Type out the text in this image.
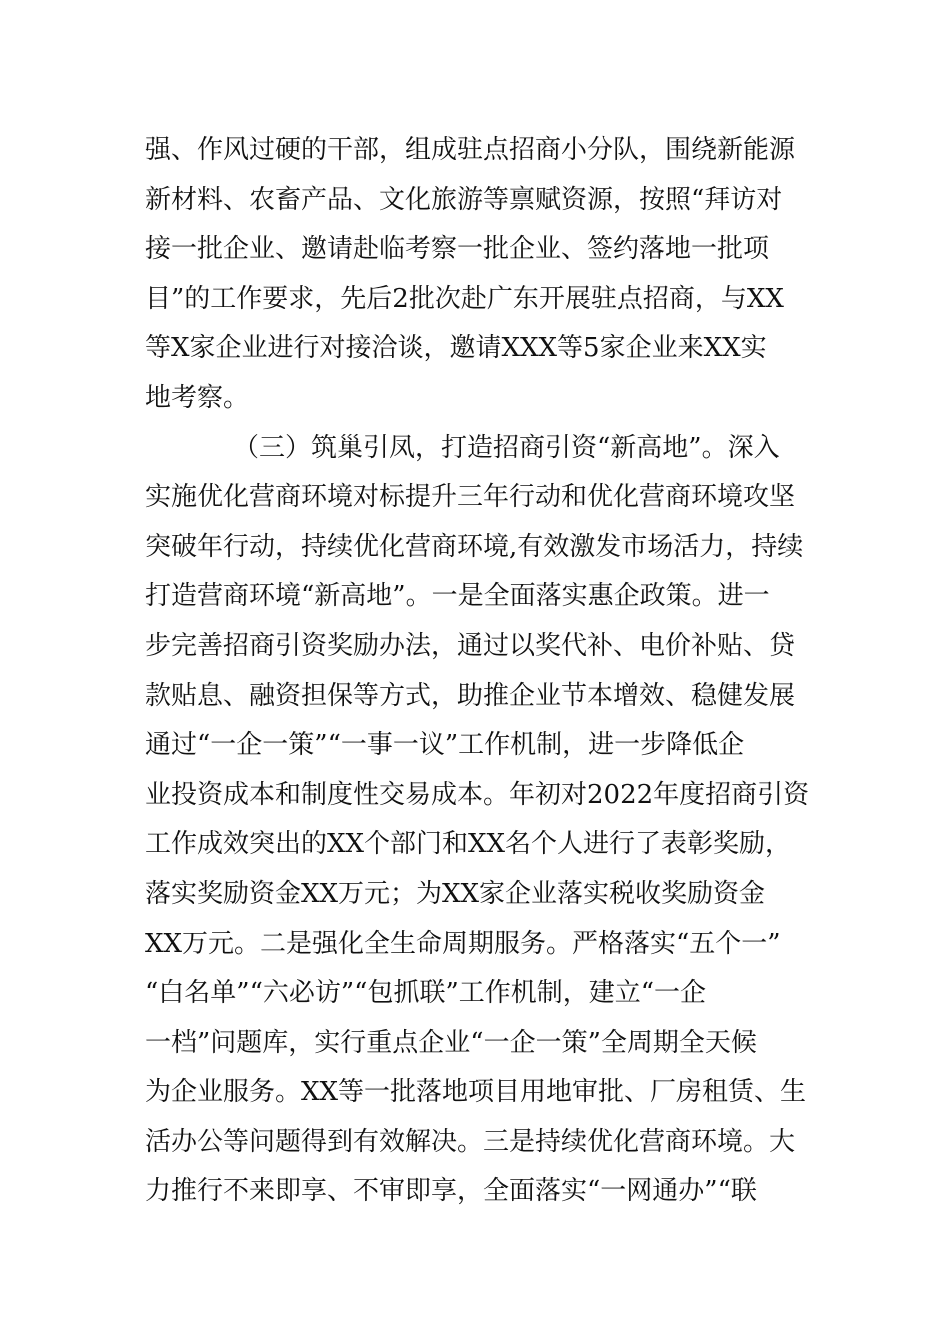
强、作风过硬的干部，组成驻点招商小分队，围绕新能源
新材料、农畜产品、文化旅游等禀赋资源，按照“拜访对
接一批企业、邀请赴临考察一批企业、签约落地一批项
目”的工作要求，先后2批次赴广东开展驻点招商，与XX
等X家企业进行对接洽谈，邀请XXX等5家企业来XX实
地考察。
（三）筑巢引凤，打造招商引资“新高地”。深入
实施优化营商环境对标提升三年行动和优化营商环境攻坚
突破年行动，持续优化营商环境,有效激发市场活力，持续
打造营商环境“新高地”。一是全面落实惠企政策。进一
步完善招商引资奖励办法，通过以奖代补、电价补贴、贷
款贴息、融资担保等方式，助推企业节本增效、稳健发展
通过“一企一策”“一事一议”工作机制，进一步降低企
业投资成本和制度性交易成本。年初对2022年度招商引资
工作成效突出的XX个部门和XX名个人进行了表彰奖励，
落实奖励资金XX万元；为XX家企业落实税收奖励资金
XX万元。二是强化全生命周期服务。严格落实“五个一”
“白名单”“六必访”“包抓联”工作机制，建立“一企
一档”问题库，实行重点企业“一企一策”全周期全天候
为企业服务。XX等一批落地项目用地审批、厂房租赁、生
活办公等问题得到有效解决。三是持续优化营商环境。大
力推行不来即享、不审即享，全面落实“一网通办”“联
